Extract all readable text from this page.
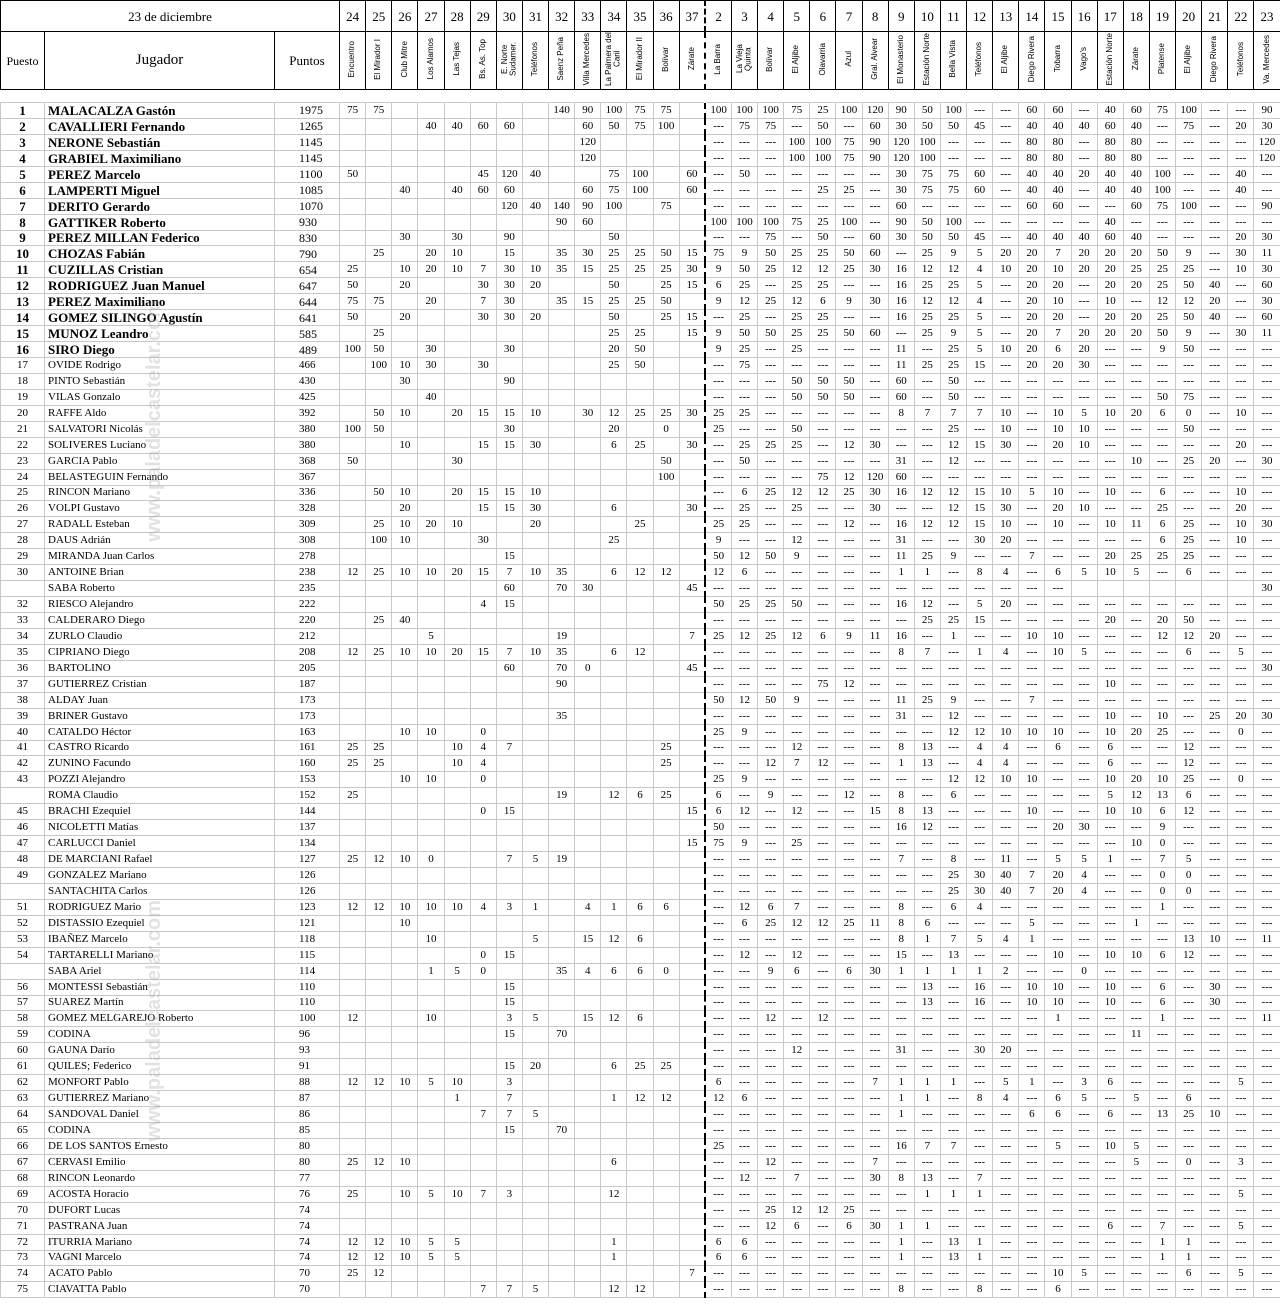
23 de diciembre			24	25	26	27	28	29	30	31	32	33	34	35	36	37	2	3	4	5	6	7	8	9	10	11	12	13	14	15	16	17	18	19	20	21	22	23
Puesto	Jugador	Puntos	Encuentro	El Mirador I	Club Mitre	Los Alamos	Las Tejas	Bs. As. Top	E. Norte Sudamer.	Teléfonos	Saenz Peña	Villa Mercedes	La Palmera del Caril	El Mirador II	Bolívar	Zárate	La Barra	La Vieja Quinta	Bolívar	El Aljibe	Olavarria	Azul	Gral. Alvear	El Monasterio	Estación Norte	Bella Vista	Teléfonos	El Aljibe	Diego Rivera	Tobarra	Vago's	Estación Norte	Zárate	Platense	El Aljibe	Diego Rivera	Teléfonos	Va. Mercedes

1	MALACALZA Gastón	1975	75	75							140	90	100	75	75		100	100	100	75	25	100	120	90	50	100	---	---	60	60	---	40	60	75	100	---	---	90
2	CAVALLIERI Fernando	1265				40	40	60	60			60	50	75	100		---	75	75	---	50	---	60	30	50	50	45	---	40	40	40	60	40	---	75	---	20	30
3	NERONE Sebastián	1145										120					---	---	---	100	100	75	90	120	100	---	---	---	80	80	---	80	80	---	---	---	---	120
4	GRABIEL Maximiliano	1145										120					---	---	---	100	100	75	90	120	100	---	---	---	80	80	---	80	80	---	---	---	---	120
5	PEREZ Marcelo	1100	50					45	120	40			75	100		60	---	50	---	---	---	---	---	30	75	75	60	---	40	40	20	40	40	100	---	---	40	---
6	LAMPERTI Miguel	1085			40		40	60	60			60	75	100		60	---	---	---	---	25	25	---	30	75	75	60	---	40	40	---	40	40	100	---	---	40	---
7	DERITO Gerardo	1070							120	40	140	90	100		75		---	---	---	---	---	---	---	60	---	---	---	---	60	60	---	---	60	75	100	---	---	90
8	GATTIKER Roberto	930									90	60					100	100	100	75	25	100	---	90	50	100	---	---	---	---	---	40	---	---	---	---	---	---
9	PEREZ MILLAN Federico	830			30		30		90				50				---	---	75	---	50	---	60	30	50	50	45	---	40	40	40	60	40	---	---	---	20	30
10	CHOZAS Fabián	790		25		20	10		15		35	30	25	25	50	15	75	9	50	25	25	50	60	---	25	9	5	20	20	7	20	20	20	50	9	---	30	11
11	CUZILLAS Cristian	654	25		10	20	10	7	30	10	35	15	25	25	25	30	9	50	25	12	12	25	30	16	12	12	4	10	20	10	20	20	25	25	25	---	10	30
12	RODRIGUEZ Juan Manuel	647	50		20			30	30	20			50		25	15	6	25	---	25	25	---	---	16	25	25	5	---	20	20	---	20	20	25	50	40	---	60
13	PEREZ Maximiliano	644	75	75		20		7	30		35	15	25	25	50		9	12	25	12	6	9	30	16	12	12	4	---	20	10	---	10	---	12	12	20	---	30
14	GOMEZ SILINGO Agustín	641	50		20			30	30	20			50		25	15	---	25	---	25	25	---	---	16	25	25	5	---	20	20	---	20	20	25	50	40	---	60
15	MUNOZ Leandro	585		25									25	25		15	9	50	50	25	25	50	60	---	25	9	5	---	20	7	20	20	20	50	9	---	30	11
16	SIRO Diego	489	100	50		30			30				20	50			9	25	---	25	---	---	---	11	---	25	5	10	20	6	20	---	---	9	50	---	---	---
17	OVIDE Rodrigo	466		100	10	30		30					25	50			---	75	---	---	---	---	---	11	25	25	15	---	20	20	30	---	---	---	---	---	---	---
18	PINTO Sebastián	430			30				90								---	---	---	50	50	50	---	60	---	50	---	---	---	---	---	---	---	---	---	---	---	---
19	VILAS Gonzalo	425				40											---	---	---	50	50	50	---	60	---	50	---	---	---	---	---	---	---	50	75	---	---	---
20	RAFFE Aldo	392		50	10		20	15	15	10		30	12	25	25	30	25	25	---	---	---	---	---	8	7	7	7	10	---	10	5	10	20	6	0	---	10	---
21	SALVATORI Nicolás	380	100	50					30				20		0		25	---	---	50	---	---	---	---	---	25	---	10	---	10	10	---	---	---	50	---	---	---
22	SOLIVERES Luciano	380			10			15	15	30			6	25		30	---	25	25	25	---	12	30	---	---	12	15	30	---	20	10	---	---	---	---	---	20	---
23	GARCIA Pablo	368	50				30								50		---	50	---	---	---	---	---	31	---	12	---	---	---	---	---	---	10	---	25	20	---	30
24	BELASTEGUIN Fernando	367													100		---	---	---	---	75	12	120	60	---	---	---	---	---	---	---	---	---	---	---	---	---	---
25	RINCON Mariano	336		50	10		20	15	15	10							---	6	25	12	12	25	30	16	12	12	15	10	5	10	---	10	---	6	---	---	10	---
26	VOLPI Gustavo	328			20			15	15	30			6			30	---	25	---	25	---	---	30	---	---	12	15	30	---	20	10	---	---	25	---	---	20	---
27	RADALL Esteban	309		25	10	20	10			20				25			25	25	---	---	---	12	---	16	12	12	15	10	---	10	---	10	11	6	25	---	10	30
28	DAUS Adrián	308		100	10			30					25				9	---	---	12	---	---	---	31	---	---	30	20	---	---	---	---	---	6	25	---	10	---
29	MIRANDA Juan Carlos	278							15								50	12	50	9	---	---	---	11	25	9	---	---	7	---	---	20	25	25	25	---	---	---
30	ANTOINE Brian	238	12	25	10	10	20	15	7	10	35		6	12	12		12	6	---	---	---	---	---	1	1	---	8	4	---	6	5	10	5	---	6	---	---	---
	SABA Roberto	235							60		70	30				45	---	---	---	---	---	---	---	---	---	---	---	---	---	---								30
32	RIESCO Alejandro	222						4	15								50	25	25	50	---	---	---	16	12	---	5	20	---	---	---	---	---	---	---	---	---	---
33	CALDERARO Diego	220		25	40												---	---	---	---	---	---	---	---	25	25	15	---	---	---	---	20	---	20	50	---	---	---
34	ZURLO Claudio	212				5					19					7	25	12	25	12	6	9	11	16	---	1	---	---	10	10	---	---	---	12	12	20	---	---
35	CIPRIANO Diego	208	12	25	10	10	20	15	7	10	35		6	12			---	---	---	---	---	---	---	8	7	---	1	4	---	10	5	---	---	---	6	---	5	---
36	BARTOLINO	205							60		70	0				45	---	---	---	---	---	---	---	---	---	---	---	---	---	---	---	---	---	---	---	---	---	30
37	GUTIERREZ Cristian	187									90						---	---	---	---	75	12	---	---	---	---	---	---	---	---	---	10	---	---	---	---	---	---
38	ALDAY Juan	173															50	12	50	9	---	---	---	11	25	9	---	---	7	---	---	---	---	---	---	---	---	---
39	BRINER Gustavo	173									35						---	---	---	---	---	---	---	31	---	12	---	---	---	---	---	10	---	10	---	25	20	30
40	CATALDO Héctor	163			10	10		0									25	9	---	---	---	---	---	---	---	12	12	10	10	10	---	10	20	25	---	---	0	---
41	CASTRO Ricardo	161	25	25			10	4	7						25		---	---	---	12	---	---	---	8	13	---	4	4	---	6	---	6	---	---	12	---	---	---
42	ZUNINO Facundo	160	25	25			10	4							25		---	---	12	7	12	---	---	1	13	---	4	4	---	---	---	6	---	---	12	---	---	---
43	POZZI Alejandro	153			10	10		0									25	9	---	---	---	---	---	---	---	12	12	10	10	---	---	10	20	10	25	---	0	---
	ROMA Claudio	152	25								19		12	6	25		6	---	9	---	---	12	---	8	---	6	---	---	---	---	---	5	12	13	6	---	---	---
45	BRACHI Ezequiel	144						0	15							15	6	12	---	12	---	---	15	8	13	---	---	---	10	---	---	10	10	6	12	---	---	---
46	NICOLETTI Matías	137															50	---	---	---	---	---	---	16	12	---	---	---	---	20	30	---	---	9	---	---	---	---
47	CARLUCCI Daniel	134														15	75	9	---	25	---	---	---	---	---	---	---	---	---	---	---	---	10	0	---	---	---	---
48	DE MARCIANI Rafael	127	25	12	10	0			7	5	19						---	---	---	---	---	---	---	7	---	8	---	11	---	5	5	1	---	7	5	---	---	---
49	GONZALEZ Mariano	126															---	---	---	---	---	---	---	---	---	25	30	40	7	20	4	---	---	0	0	---	---	---
	SANTACHITA Carlos	126															---	---	---	---	---	---	---	---	---	25	30	40	7	20	4	---	---	0	0	---	---	---
51	RODRIGUEZ Mario	123	12	12	10	10	10	4	3	1		4	1	6	6		---	12	6	7	---	---	---	8	---	6	4	---	---	---	---	---	---	1	---	---	---	---
52	DISTASSIO Ezequiel	121			10												---	6	25	12	12	25	11	8	6	---	---	---	5	---	---	---	1	---	---	---	---	---
53	IBAÑEZ Marcelo	118				10				5		15	12	6			---	---	---	---	---	---	---	8	1	7	5	4	1	---	---	---	---	---	13	10	---	11
54	TARTARELLI Mariano	115						0	15								---	12	---	12	---	---	---	15	---	13	---	---	---	10	---	10	10	6	12	---	---	---
	SABA Ariel	114				1	5	0			35	4	6	6	0		---	---	9	6	---	6	30	1	1	1	1	2	---	---	0	---	---	---	---	---	---	---
56	MONTESSI Sebastián	110							15								---	---	---	---	---	---	---	---	13	---	16	---	10	10	---	10	---	6	---	30	---	---
57	SUAREZ Martín	110							15								---	---	---	---	---	---	---	---	13	---	16	---	10	10	---	10	---	6	---	30	---	---
58	GOMEZ MELGAREJO Roberto	100	12			10			3	5		15	12	6			---	---	12	---	12	---	---	---	---	---	---	---	---	1	---	---	---	1	---	---	---	11
59	CODINA	96							15		70						---	---	---	---	---	---	---	---	---	---	---	---	---	---	---	---	11	---	---	---	---	---
60	GAUNA Darío	93															---	---	---	12	---	---	---	31	---	---	30	20	---	---	---	---	---	---	---	---	---	---
61	QUILES; Federico	91							15	20			6	25	25		---	---	---	---	---	---	---	---	---	---	---	---	---	---	---	---	---	---	---	---	---	---
62	MONFORT Pablo	88	12	12	10	5	10		3								6	---	---	---	---	---	7	1	1	1	---	5	1	---	3	6	---	---	---	---	5	---
63	GUTIERREZ Mariano	87					1		7				1	12	12		12	6	---	---	---	---	---	1	1	---	8	4	---	6	5	---	5	---	6	---	---	---
64	SANDOVAL Daniel	86						7	7	5							---	---	---	---	---	---	---	1	---	---	---	---	6	6	---	6	---	13	25	10	---	---
65	CODINA	85							15		70						---	---	---	---	---	---	---	---	---	---	---	---	---	---	---	---	---	---	---	---	---	---
66	DE LOS SANTOS Ernesto	80															25	---	---	---	---	---	---	16	7	7	---	---	---	5	---	10	5	---	---	---	---	---
67	CERVASI Emilio	80	25	12	10								6				---	---	12	---	---	---	7	---	---	---	---	---	---	---	---	---	5	---	0	---	3	---
68	RINCON Leonardo	77															---	12	---	7	---	---	30	8	13	---	7	---	---	---	---	---	---	---	---	---	---	---
69	ACOSTA Horacio	76	25		10	5	10	7	3				12				---	---	---	---	---	---	---	---	1	1	1	---	---	---	---	---	---	---	---	---	5	---
70	DUFORT Lucas	74															---	---	25	12	12	25	---	---	---	---	---	---	---	---	---	---	---	---	---	---	---	---
71	PASTRANA Juan	74															---	---	12	6	---	6	30	1	1	---	---	---	---	---	---	6	---	7	---	---	5	---
72	ITURRIA Mariano	74	12	12	10	5	5						1				6	6	---	---	---	---	---	1	---	13	1	---	---	---	---	---	---	1	1	---	---	---
73	VAGNI Marcelo	74	12	12	10	5	5						1				6	6	---	---	---	---	---	1	---	13	1	---	---	---	---	---	---	1	1	---	---	---
74	ACATO Pablo	70	25	12												7	---	---	---	---	---	---	---	---	---	---	---	---	---	10	5	---	---	---	6	---	5	---
75	CIAVATTA Pablo	70						7	7	5			12	12			---	---	---	---	---	---	---	8	---	---	8	---	---	6	---	---	---	---	---	---	---	---
www.paladelcastelar.com
www.paladelcastelar.com
